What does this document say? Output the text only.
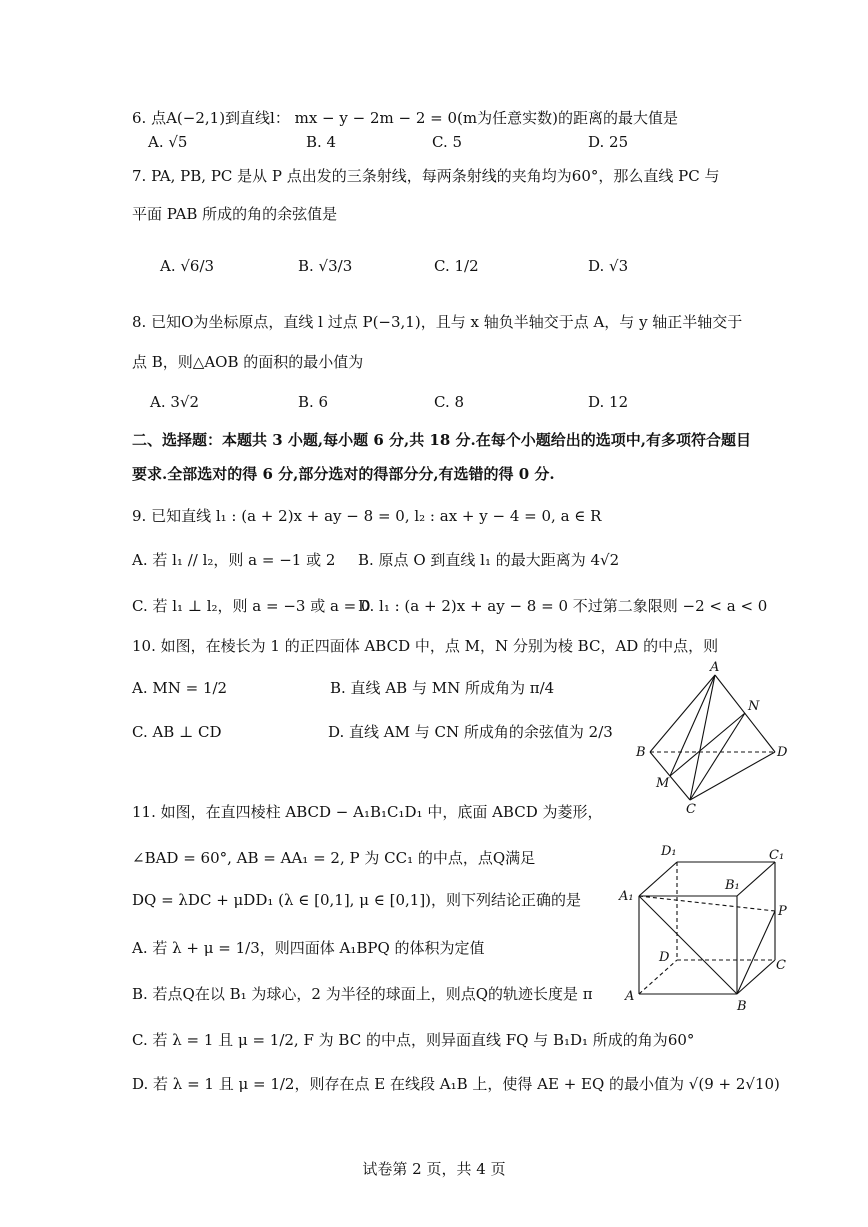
6. 点A(−2,1)到直线l： mx − y − 2m − 2 = 0(m为任意实数)的距离的最大值是
A. √5	B. 4	C. 5	D. 25
7. PA, PB, PC 是从 P 点出发的三条射线，每两条射线的夹角均为60°，那么直线 PC 与
平面 PAB 所成的角的余弦值是
A. √6/3	B. √3/3	C. 1/2	D. √3
8. 已知O为坐标原点，直线 l 过点 P(−3,1)，且与 x 轴负半轴交于点 A，与 y 轴正半轴交于
点 B，则△AOB 的面积的最小值为
A. 3√2	B. 6	C. 8	D. 12
二、选择题：本题共 3 小题,每小题 6 分,共 18 分.在每个小题给出的选项中,有多项符合题目
要求.全部选对的得 6 分,部分选对的得部分分,有选错的得 0 分.
9. 已知直线 l₁ : (a + 2)x + ay − 8 = 0, l₂ : ax + y − 4 = 0, a ∈ R
A. 若 l₁ // l₂，则 a = −1 或 2 B. 原点 O 到直线 l₁ 的最大距离为 4√2
C. 若 l₁ ⊥ l₂，则 a = −3 或 a = 0
D. l₁ : (a + 2)x + ay − 8 = 0 不过第二象限则 −2 < a < 0
10. 如图，在棱长为 1 的正四面体 ABCD 中，点 M，N 分别为棱 BC，AD 的中点，则
A. MN = 1/2	B. 直线 AB 与 MN 所成角为 π/4
C. AB ⊥ CD	D. 直线 AM 与 CN 所成角的余弦值为 2/3
A
N
B	D
M
C
11. 如图，在直四棱柱 ABCD − A₁B₁C₁D₁ 中，底面 ABCD 为菱形，
∠BAD = 60°, AB = AA₁ = 2, P 为 CC₁ 的中点，点Q满足
DQ = λDC + μDD₁ (λ ∈ [0,1], μ ∈ [0,1])，则下列结论正确的是
A. 若 λ + μ = 1/3，则四面体 A₁BPQ 的体积为定值
B. 若点Q在以 B₁ 为球心，2 为半径的球面上，则点Q的轨迹长度是 π
C. 若 λ = 1 且 μ = 1/2, F 为 BC 的中点，则异面直线 FQ 与 B₁D₁ 所成的角为60°
D. 若 λ = 1 且 μ = 1/2，则存在点 E 在线段 A₁B 上，使得 AE + EQ 的最小值为 √(9 + 2√10)
D₁	C₁
B₁
A₁
P
D
C
A
B
试卷第 2 页，共 4 页
